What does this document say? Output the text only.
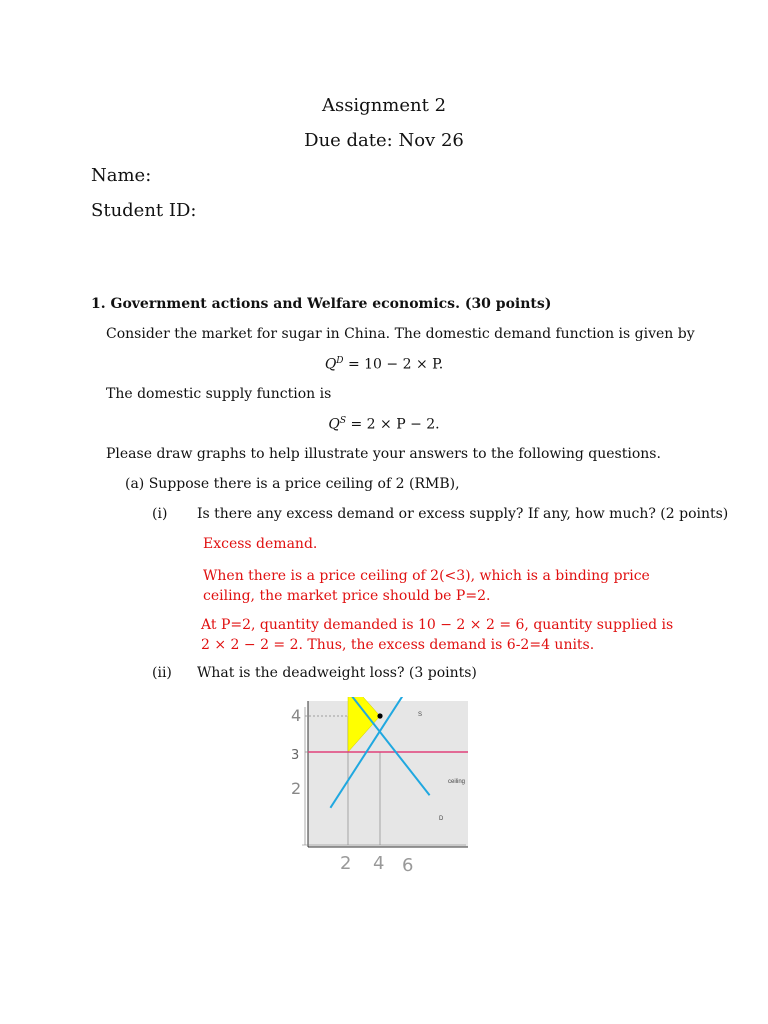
Assignment 2
Due date: Nov 26
Name:
Student ID:
1. Government actions and Welfare economics. (30 points)
Consider the market for sugar in China. The domestic demand function is given by
$Q^D = 10 - 2 \times P$.
The domestic supply function is
$Q^S = 2 \times P - 2$.
Please draw graphs to help illustrate your answers to the following questions.
(a) Suppose there is a price ceiling of 2 (RMB),
(i) Is there any excess demand or excess supply? If any, how much? (2 points)
Excess demand.
When there is a price ceiling of 2(<3), which is a binding price ceiling, the market price should be P=2.
At P=2, quantity demanded is 10 − 2 × 2 = 6, quantity supplied is 2 × 2 − 2 = 2. Thus, the excess demand is 6-2=4 units.
(ii) What is the deadweight loss? (3 points)
S
D
ceiling
4
3
2
2 4 6
